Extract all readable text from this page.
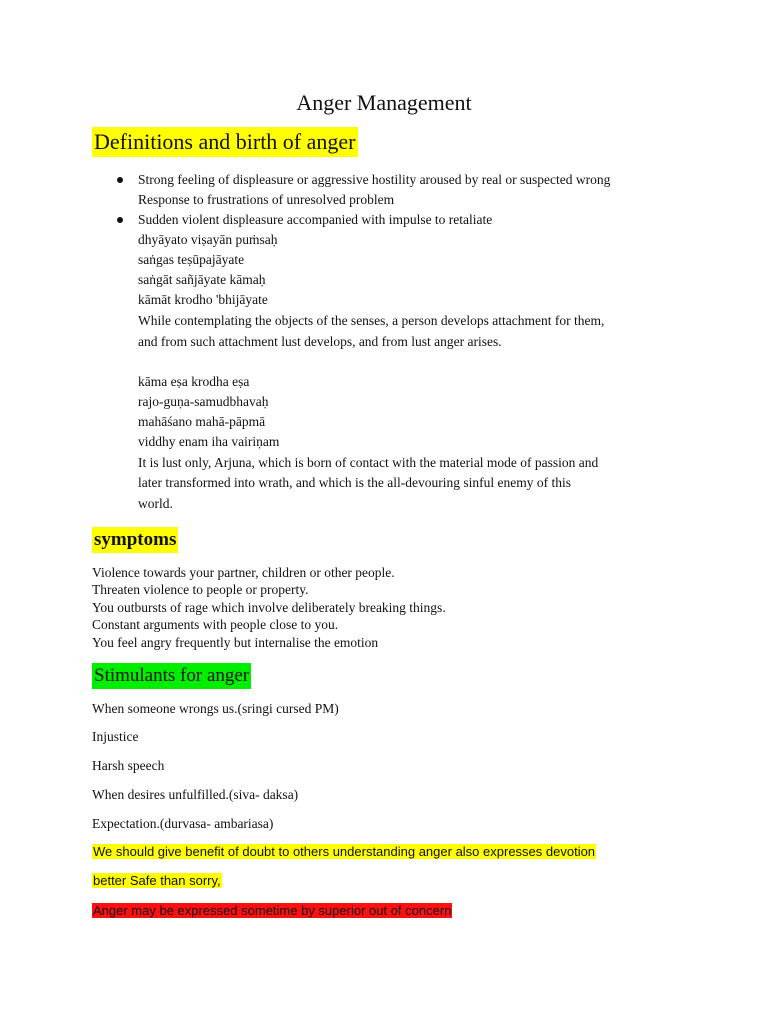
Anger Management
Definitions and birth of anger
Strong feeling of displeasure or aggressive hostility aroused by real or suspected wrong
Response to frustrations of unresolved problem
Sudden violent displeasure accompanied with impulse to retaliate
dhyāyato viṣayān puṁsaḥ
saṅgas teṣūpajāyate
saṅgāt sañjāyate kāmaḥ
kāmāt krodho 'bhijāyate
While contemplating the objects of the senses, a person develops attachment for them,
and from such attachment lust develops, and from lust anger arises.
kāma eṣa krodha eṣa
rajo-guṇa-samudbhavaḥ
mahāśano mahā-pāpmā
viddhy enam iha vairiṇam
It is lust only, Arjuna, which is born of contact with the material mode of passion and
later transformed into wrath, and which is the all-devouring sinful enemy of this
world.
symptoms
Violence towards your partner, children or other people.
Threaten violence to people or property.
You outbursts of rage which involve deliberately breaking things.
Constant arguments with people close to you.
You feel angry frequently but internalise the emotion
Stimulants for anger
When someone wrongs us.(sringi cursed PM)
Injustice
Harsh speech
When desires unfulfilled.(siva- daksa)
Expectation.(durvasa- ambariasa)
We should give benefit of doubt to others understanding anger also expresses devotion
better Safe than sorry,
Anger may be expressed sometime by superior out of concern
